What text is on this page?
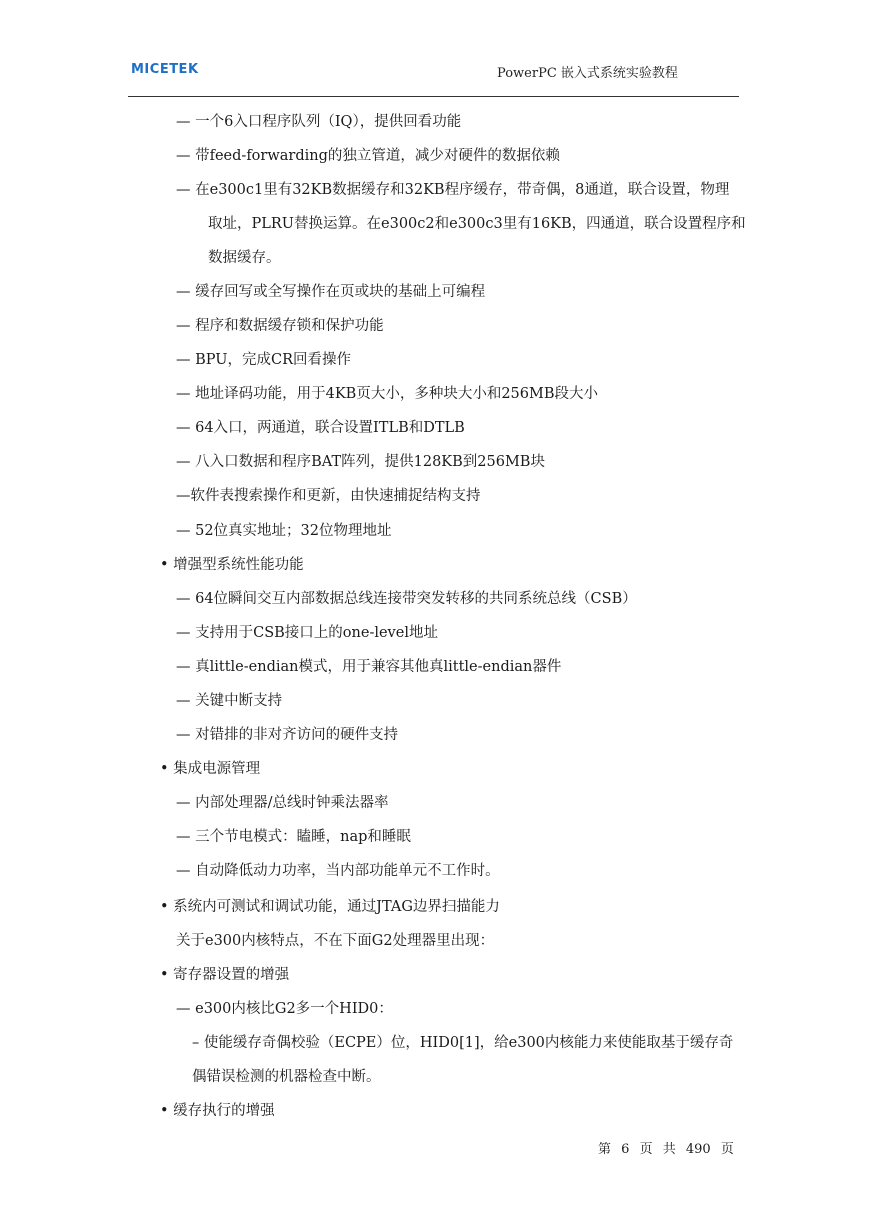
MICETEK	PowerPC 嵌入式系统实验教程
— 一个6入口程序队列（IQ），提供回看功能
— 带feed-forwarding的独立管道，减少对硬件的数据依赖
— 在e300c1里有32KB数据缓存和32KB程序缓存，带奇偶，8通道，联合设置，物理
取址，PLRU替换运算。在e300c2和e300c3里有16KB，四通道，联合设置程序和
数据缓存。
— 缓存回写或全写操作在页或块的基础上可编程
— 程序和数据缓存锁和保护功能
— BPU，完成CR回看操作
— 地址译码功能，用于4KB页大小，多种块大小和256MB段大小
— 64入口，两通道，联合设置ITLB和DTLB
— 八入口数据和程序BAT阵列，提供128KB到256MB块
—软件表搜索操作和更新，由快速捕捉结构支持
— 52位真实地址；32位物理地址
• 增强型系统性能功能
— 64位瞬间交互内部数据总线连接带突发转移的共同系统总线（CSB）
— 支持用于CSB接口上的one-level地址
— 真little-endian模式，用于兼容其他真little-endian器件
— 关键中断支持
— 对错排的非对齐访问的硬件支持
• 集成电源管理
— 内部处理器/总线时钟乘法器率
— 三个节电模式：瞌睡，nap和睡眠
— 自动降低动力功率，当内部功能单元不工作时。
• 系统内可测试和调试功能，通过JTAG边界扫描能力
关于e300内核特点，不在下面G2处理器里出现：
• 寄存器设置的增强
— e300内核比G2多一个HID0：
– 使能缓存奇偶校验（ECPE）位，HID0[1]，给e300内核能力来使能取基于缓存奇
偶错误检测的机器检查中断。
• 缓存执行的增强
第 6 页 共 490 页
